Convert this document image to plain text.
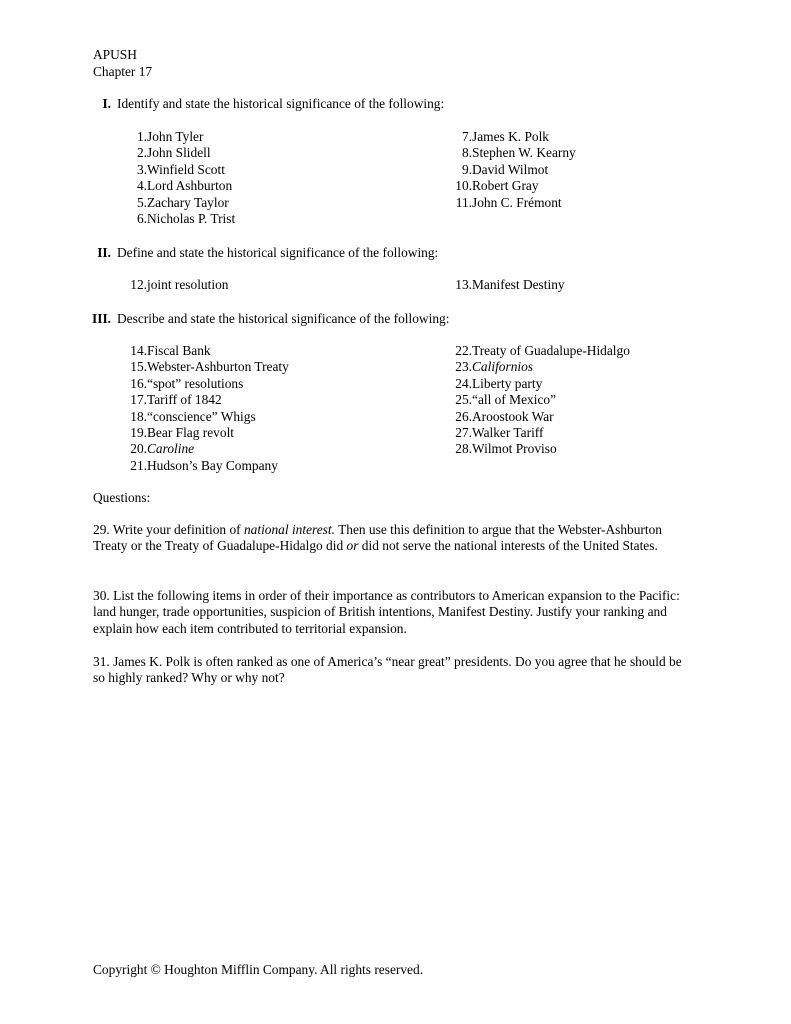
APUSH
Chapter 17
I. Identify and state the historical significance of the following:
1. John Tyler
2. John Slidell
3. Winfield Scott
4. Lord Ashburton
5. Zachary Taylor
6. Nicholas P. Trist
7. James K. Polk
8. Stephen W. Kearny
9. David Wilmot
10. Robert Gray
11. John C. Frémont
II. Define and state the historical significance of the following:
12. joint resolution	13. Manifest Destiny
III. Describe and state the historical significance of the following:
14. Fiscal Bank
15. Webster-Ashburton Treaty
16. “spot” resolutions
17. Tariff of 1842
18. “conscience” Whigs
19. Bear Flag revolt
20. Caroline
21. Hudson’s Bay Company
22. Treaty of Guadalupe-Hidalgo
23. Californios
24. Liberty party
25. “all of Mexico”
26. Aroostook War
27. Walker Tariff
28. Wilmot Proviso
Questions:
29. Write your definition of national interest. Then use this definition to argue that the Webster-Ashburton Treaty or the Treaty of Guadalupe-Hidalgo did or did not serve the national interests of the United States.
30. List the following items in order of their importance as contributors to American expansion to the Pacific: land hunger, trade opportunities, suspicion of British intentions, Manifest Destiny. Justify your ranking and explain how each item contributed to territorial expansion.
31. James K. Polk is often ranked as one of America’s “near great” presidents. Do you agree that he should be so highly ranked? Why or why not?
Copyright © Houghton Mifflin Company. All rights reserved.
